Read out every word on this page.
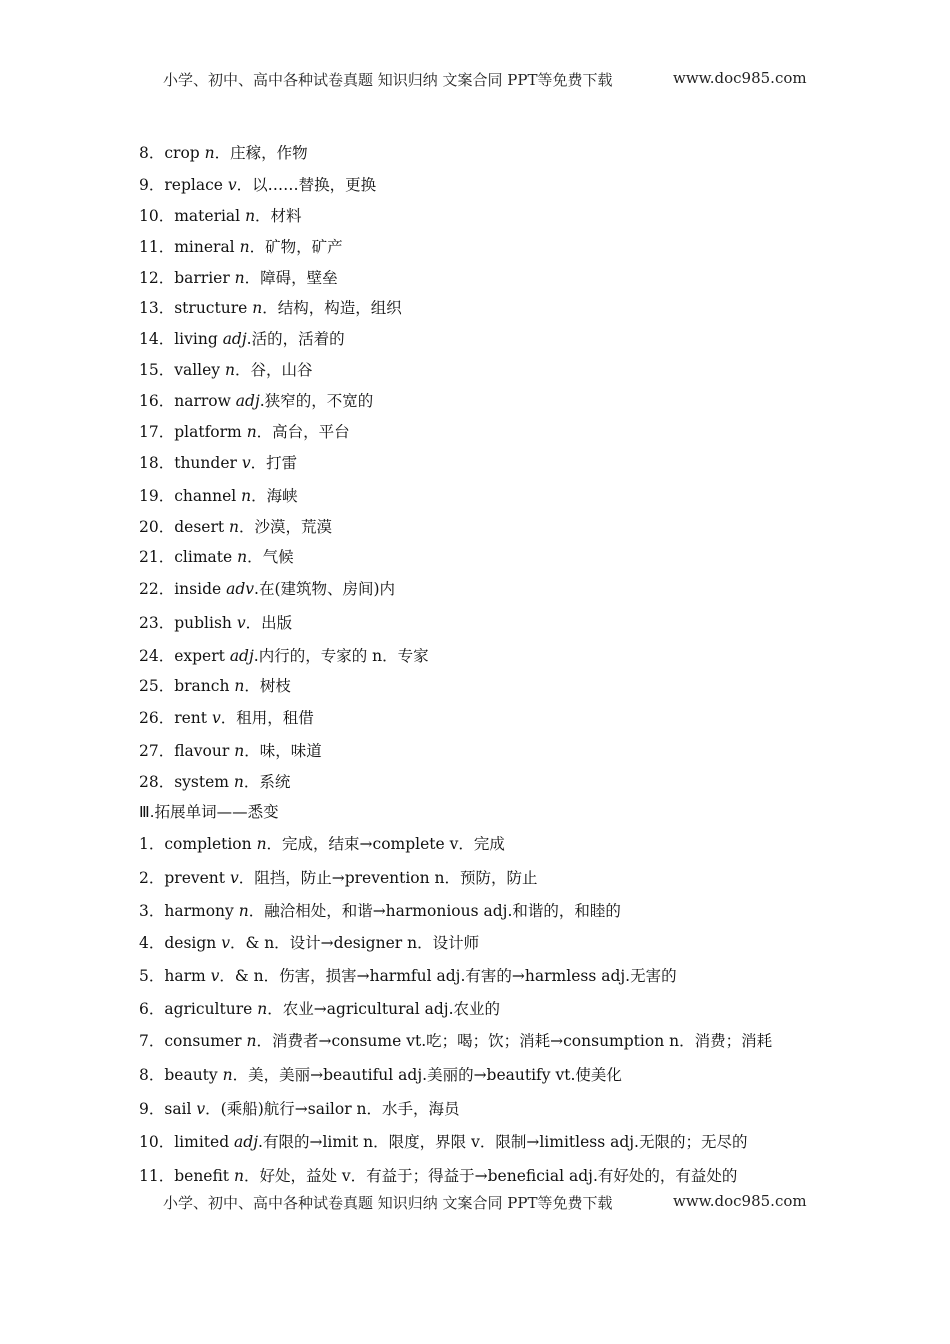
小学、初中、高中各种试卷真题 知识归纳 文案合同 PPT等免费下载	www.doc985.com
8．crop n．庄稼，作物
9．replace v．以……替换，更换
10．material n．材料
11．mineral n．矿物，矿产
12．barrier n．障碍，壁垒
13．structure n．结构，构造，组织
14．living adj.活的，活着的
15．valley n．谷，山谷
16．narrow adj.狭窄的，不宽的
17．platform n．高台，平台
18．thunder v．打雷
19．channel n．海峡
20．desert n．沙漠，荒漠
21．climate n．气候
22．inside adv.在(建筑物、房间)内
23．publish v．出版
24．expert adj.内行的，专家的 n．专家
25．branch n．树枝
26．rent v．租用，租借
27．flavour n．味，味道
28．system n．系统
Ⅲ.拓展单词——悉变
1．completion n．完成，结束→complete v．完成
2．prevent v．阻挡，防止→prevention n．预防，防止
3．harmony n．融洽相处，和谐→harmonious adj.和谐的，和睦的
4．design v．& n．设计→designer n．设计师
5．harm v．& n．伤害，损害→harmful adj.有害的→harmless adj.无害的
6．agriculture n．农业→agricultural adj.农业的
7．consumer n．消费者→consume vt.吃；喝；饮；消耗→consumption n．消费；消耗
8．beauty n．美，美丽→beautiful adj.美丽的→beautify vt.使美化
9．sail v．(乘船)航行→sailor n．水手，海员
10．limited adj.有限的→limit n．限度，界限 v．限制→limitless adj.无限的；无尽的
11．benefit n．好处，益处 v．有益于；得益于→beneficial adj.有好处的，有益处的
小学、初中、高中各种试卷真题 知识归纳 文案合同 PPT等免费下载	www.doc985.com
